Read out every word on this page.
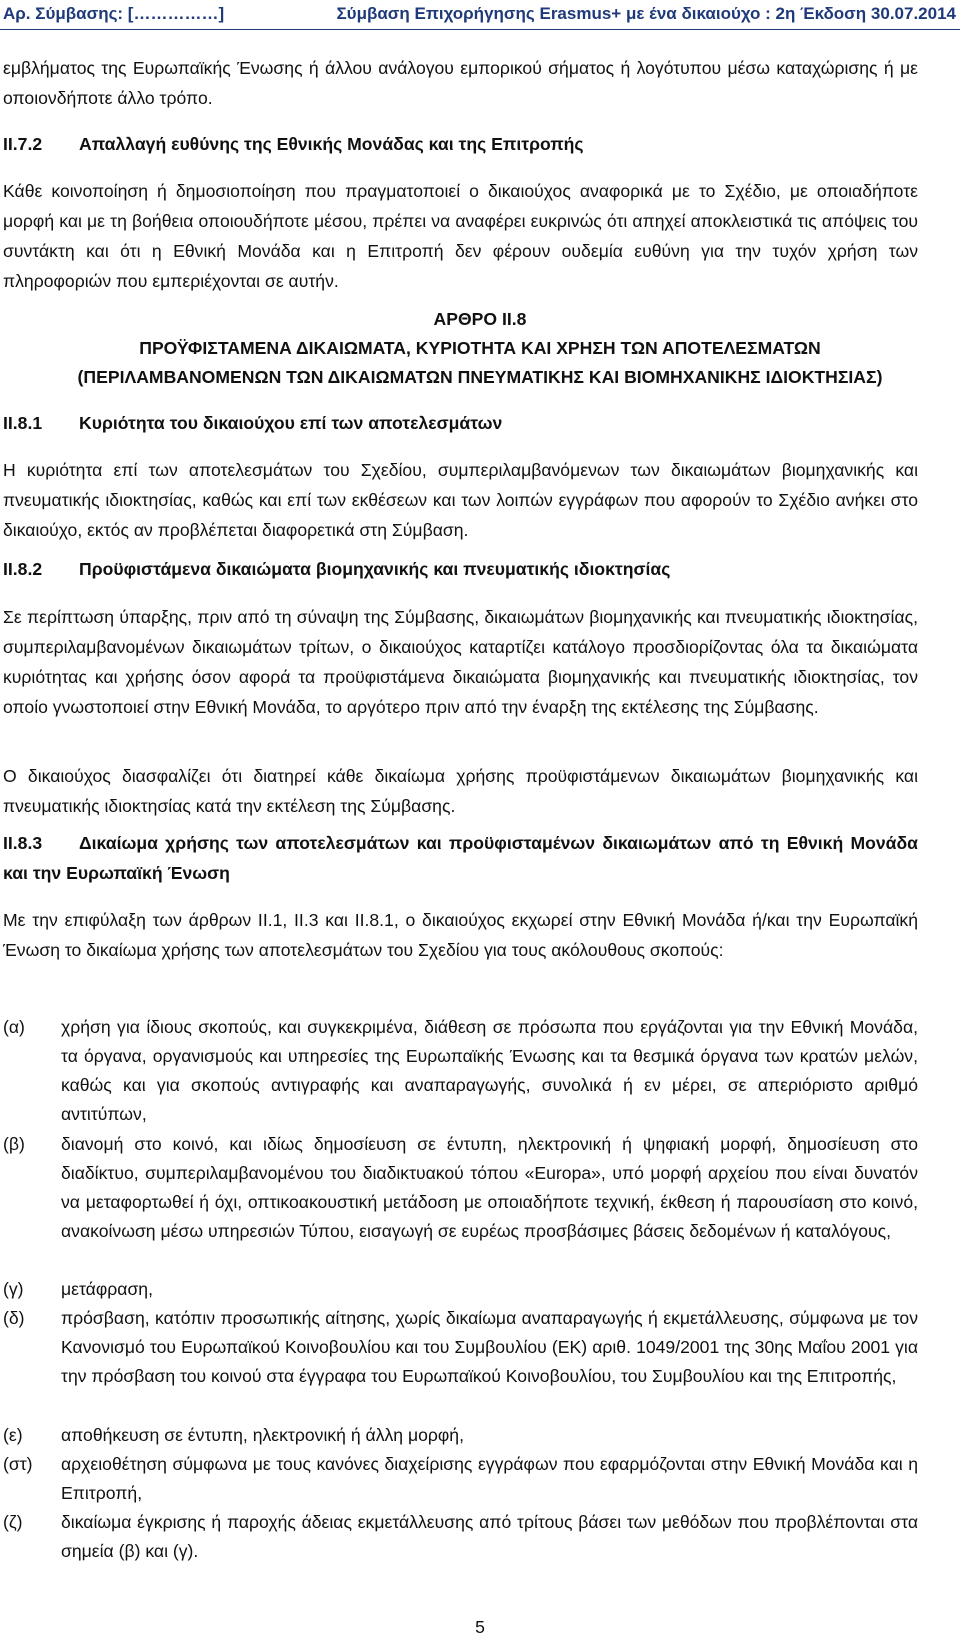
Αρ. Σύμβασης: [……………]	Σύμβαση Επιχορήγησης Erasmus+ με ένα δικαιούχο : 2η Έκδοση 30.07.2014

εμβλήματος της Ευρωπαϊκής Ένωσης ή άλλου ανάλογου εμπορικού σήματος ή λογότυπου μέσω καταχώρισης ή με οποιονδήποτε άλλο τρόπο.

II.7.2 Απαλλαγή ευθύνης της Εθνικής Μονάδας και της Επιτροπής

Κάθε κοινοποίηση ή δημοσιοποίηση που πραγματοποιεί ο δικαιούχος αναφορικά με το Σχέδιο, με οποιαδήποτε μορφή και με τη βοήθεια οποιουδήποτε μέσου, πρέπει να αναφέρει ευκρινώς ότι απηχεί αποκλειστικά τις απόψεις του συντάκτη και ότι η Εθνική Μονάδα και η Επιτροπή δεν φέρουν ουδεμία ευθύνη για την τυχόν χρήση των πληροφοριών που εμπεριέχονται σε αυτήν.

ΑΡΘΡΟ II.8
ΠΡΟΫΦΙΣΤΑΜΕΝΑ ΔΙΚΑΙΩΜΑΤΑ, ΚΥΡΙΟΤΗΤΑ ΚΑΙ ΧΡΗΣΗ ΤΩΝ ΑΠΟΤΕΛΕΣΜΑΤΩΝ
(ΠΕΡΙΛΑΜΒΑΝΟΜΕΝΩΝ ΤΩΝ ΔΙΚΑΙΩΜΑΤΩΝ ΠΝΕΥΜΑΤΙΚΗΣ ΚΑΙ ΒΙΟΜΗΧΑΝΙΚΗΣ ΙΔΙΟΚΤΗΣΙΑΣ)
II.8.1 Κυριότητα του δικαιούχου επί των αποτελεσμάτων

Η κυριότητα επί των αποτελεσμάτων του Σχεδίου, συμπεριλαμβανόμενων των δικαιωμάτων βιομηχανικής και πνευματικής ιδιοκτησίας, καθώς και επί των εκθέσεων και των λοιπών εγγράφων που αφορούν το Σχέδιο ανήκει στο δικαιούχο, εκτός αν προβλέπεται διαφορετικά στη Σύμβαση.

II.8.2 Προϋφιστάμενα δικαιώματα βιομηχανικής και πνευματικής ιδιοκτησίας

Σε περίπτωση ύπαρξης, πριν από τη σύναψη της Σύμβασης, δικαιωμάτων βιομηχανικής και πνευματικής ιδιοκτησίας, συμπεριλαμβανομένων δικαιωμάτων τρίτων, ο δικαιούχος καταρτίζει κατάλογο προσδιορίζοντας όλα τα δικαιώματα κυριότητας και χρήσης όσον αφορά τα προϋφιστάμενα δικαιώματα βιομηχανικής και πνευματικής ιδιοκτησίας, τον οποίο γνωστοποιεί στην Εθνική Μονάδα, το αργότερο πριν από την έναρξη της εκτέλεσης της Σύμβασης.

Ο δικαιούχος διασφαλίζει ότι διατηρεί κάθε δικαίωμα χρήσης προϋφιστάμενων δικαιωμάτων βιομηχανικής και πνευματικής ιδιοκτησίας κατά την εκτέλεση της Σύμβασης.

II.8.3 Δικαίωμα χρήσης των αποτελεσμάτων και προϋφισταμένων δικαιωμάτων από τη Εθνική Μονάδα και την Ευρωπαϊκή Ένωση

Με την επιφύλαξη των άρθρων II.1, II.3 και II.8.1, ο δικαιούχος εκχωρεί στην Εθνική Μονάδα ή/και την Ευρωπαϊκή Ένωση το δικαίωμα χρήσης των αποτελεσμάτων του Σχεδίου για τους ακόλουθους σκοπούς:

(α) χρήση για ίδιους σκοπούς, και συγκεκριμένα, διάθεση σε πρόσωπα που εργάζονται για την Εθνική Μονάδα, τα όργανα, οργανισμούς και υπηρεσίες της Ευρωπαϊκής Ένωσης και τα θεσμικά όργανα των κρατών μελών, καθώς και για σκοπούς αντιγραφής και αναπαραγωγής, συνολικά ή εν μέρει, σε απεριόριστο αριθμό αντιτύπων,
(β) διανομή στο κοινό, και ιδίως δημοσίευση σε έντυπη, ηλεκτρονική ή ψηφιακή μορφή, δημοσίευση στο διαδίκτυο, συμπεριλαμβανομένου του διαδικτυακού τόπου «Europa», υπό μορφή αρχείου που είναι δυνατόν να μεταφορτωθεί ή όχι, οπτικοακουστική μετάδοση με οποιαδήποτε τεχνική, έκθεση ή παρουσίαση στο κοινό, ανακοίνωση μέσω υπηρεσιών Τύπου, εισαγωγή σε ευρέως προσβάσιμες βάσεις δεδομένων ή καταλόγους,
(γ) μετάφραση,
(δ) πρόσβαση, κατόπιν προσωπικής αίτησης, χωρίς δικαίωμα αναπαραγωγής ή εκμετάλλευσης, σύμφωνα με τον Κανονισμό του Ευρωπαϊκού Κοινοβουλίου και του Συμβουλίου (ΕΚ) αριθ. 1049/2001 της 30ης Μαΐου 2001 για την πρόσβαση του κοινού στα έγγραφα του Ευρωπαϊκού Κοινοβουλίου, του Συμβουλίου και της Επιτροπής,
(ε) αποθήκευση σε έντυπη, ηλεκτρονική ή άλλη μορφή,
(στ) αρχειοθέτηση σύμφωνα με τους κανόνες διαχείρισης εγγράφων που εφαρμόζονται στην Εθνική Μονάδα και η Επιτροπή,
(ζ) δικαίωμα έγκρισης ή παροχής άδειας εκμετάλλευσης από τρίτους βάσει των μεθόδων που προβλέπονται στα σημεία (β) και (γ).
5
